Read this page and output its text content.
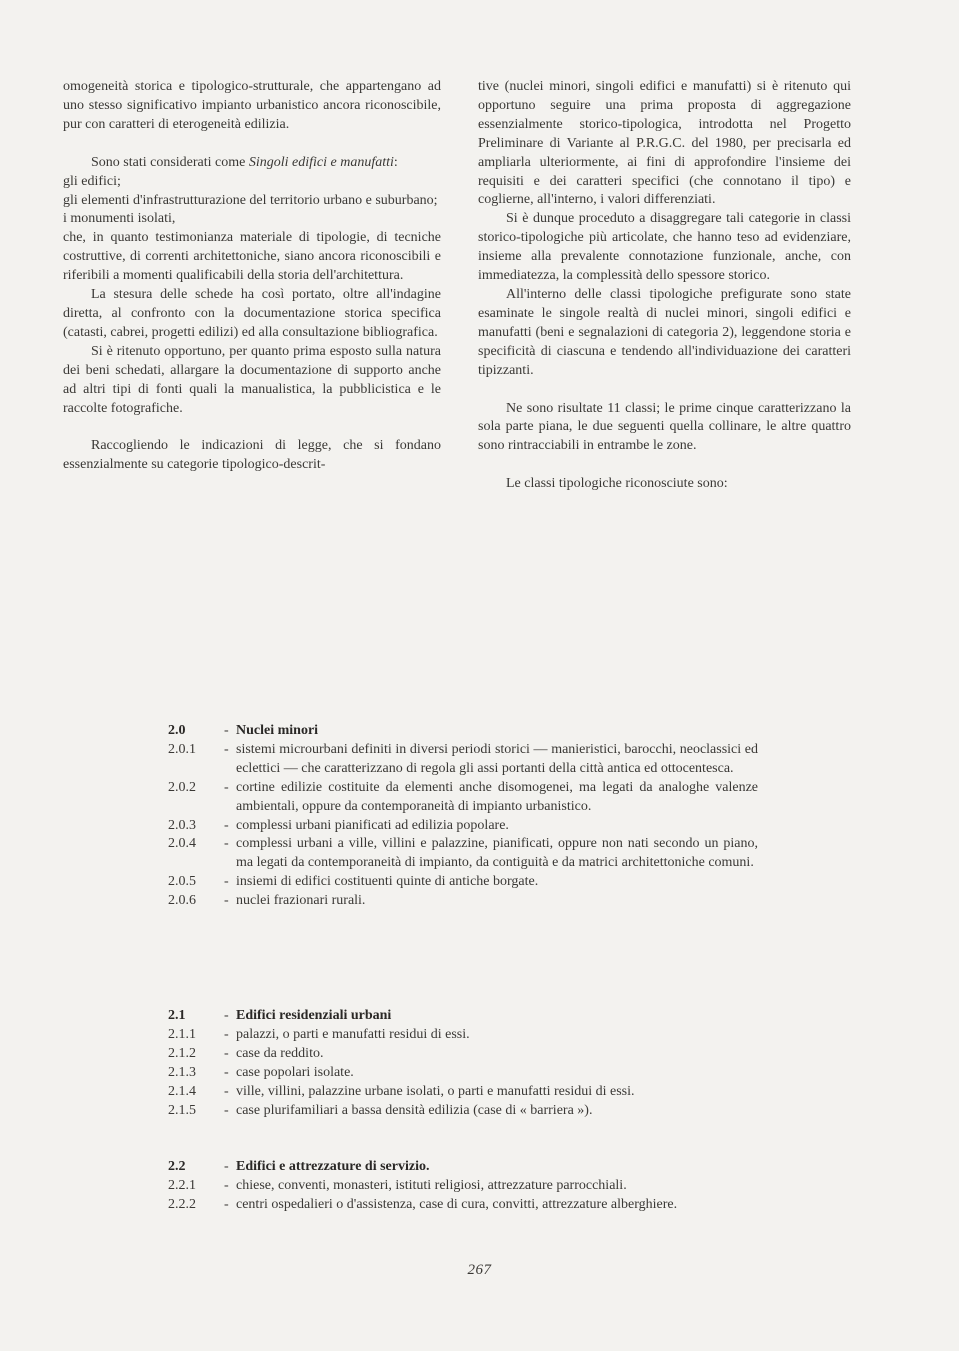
omogeneità storica e tipologico-strutturale, che appartengano ad uno stesso significativo impianto urbanistico ancora riconoscibile, pur con caratteri di eterogeneità edilizia.

Sono stati considerati come Singoli edifici e manufatti:

gli edifici;

gli elementi d'infrastrutturazione del territorio urbano e suburbano;

i monumenti isolati,

che, in quanto testimonianza materiale di tipologie, di tecniche costruttive, di correnti architettoniche, siano ancora riconoscibili e riferibili a momenti qualificabili della storia dell'architettura.

La stesura delle schede ha così portato, oltre all'indagine diretta, al confronto con la documentazione storica specifica (catasti, cabrei, progetti edilizi) ed alla consultazione bibliografica.

Si è ritenuto opportuno, per quanto prima esposto sulla natura dei beni schedati, allargare la documentazione di supporto anche ad altri tipi di fonti quali la manualistica, la pubblicistica e le raccolte fotografiche.

Raccogliendo le indicazioni di legge, che si fondano essenzialmente su categorie tipologico-descrit-

tive (nuclei minori, singoli edifici e manufatti) si è ritenuto qui opportuno seguire una prima proposta di aggregazione essenzialmente storico-tipologica, introdotta nel Progetto Preliminare di Variante al P.R.G.C. del 1980, per precisarla ed ampliarla ulteriormente, ai fini di approfondire l'insieme dei requisiti e dei caratteri specifici (che connotano il tipo) e coglierne, all'interno, i valori differenziati.

Si è dunque proceduto a disaggregare tali categorie in classi storico-tipologiche più articolate, che hanno teso ad evidenziare, insieme alla prevalente connotazione funzionale, anche, con immediatezza, la complessità dello spessore storico.

All'interno delle classi tipologiche prefigurate sono state esaminate le singole realtà di nuclei minori, singoli edifici e manufatti (beni e segnalazioni di categoria 2), leggendone storia e specificità di ciascuna e tendendo all'individuazione dei caratteri tipizzanti.

Ne sono risultate 11 classi; le prime cinque caratterizzano la sola parte piana, le due seguenti quella collinare, le altre quattro sono rintracciabili in entrambe le zone.

Le classi tipologiche riconosciute sono:

2.0	- Nuclei minori
2.0.1	- sistemi microurbani definiti in diversi periodi storici — manieristici, barocchi, neoclassici ed eclettici — che caratterizzano di regola gli assi portanti della città antica ed ottocentesca.
2.0.2	- cortine edilizie costituite da elementi anche disomogenei, ma legati da analoghe valenze ambientali, oppure da contemporaneità di impianto urbanistico.
2.0.3	- complessi urbani pianificati ad edilizia popolare.
2.0.4	- complessi urbani a ville, villini e palazzine, pianificati, oppure non nati secondo un piano, ma legati da contemporaneità di impianto, da contiguità e da matrici architettoniche comuni.
2.0.5	- insiemi di edifici costituenti quinte di antiche borgate.
2.0.6	- nuclei frazionari rurali.
2.1	- Edifici residenziali urbani
2.1.1	- palazzi, o parti e manufatti residui di essi.
2.1.2	- case da reddito.
2.1.3	- case popolari isolate.
2.1.4	- ville, villini, palazzine urbane isolati, o parti e manufatti residui di essi.
2.1.5	- case plurifamiliari a bassa densità edilizia (case di « barriera »).
2.2	- Edifici e attrezzature di servizio.
2.2.1	- chiese, conventi, monasteri, istituti religiosi, attrezzature parrocchiali.
2.2.2	- centri ospedalieri o d'assistenza, case di cura, convitti, attrezzature alberghiere.
267
